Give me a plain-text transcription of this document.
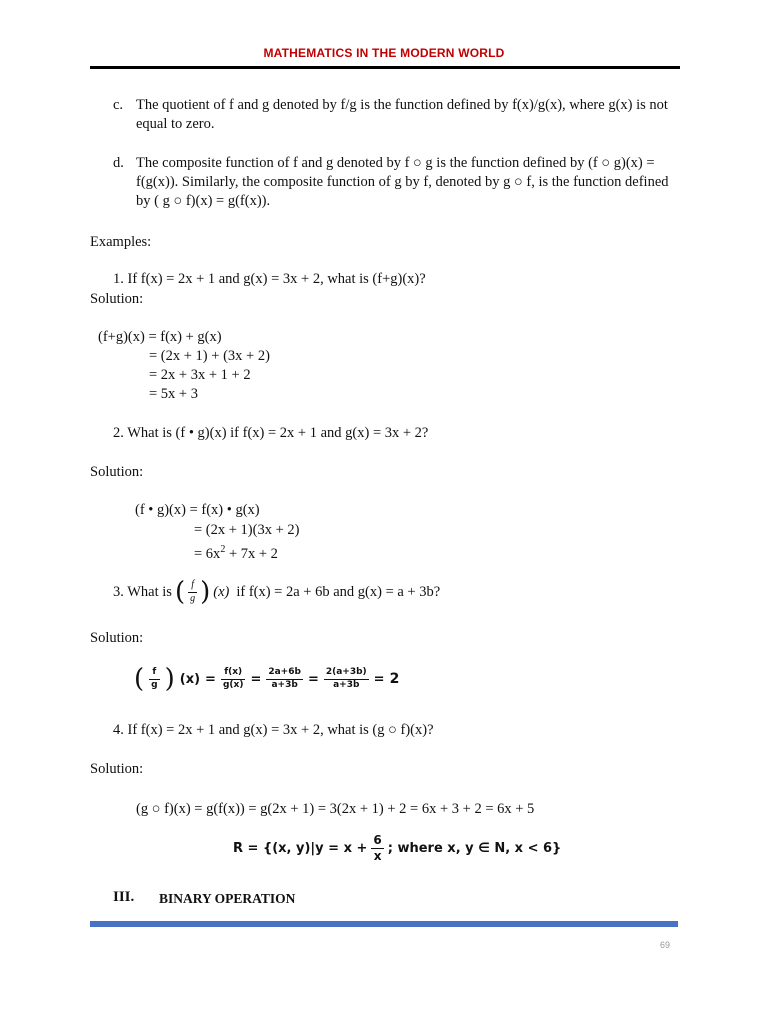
MATHEMATICS IN THE MODERN WORLD
c. The quotient of f and g denoted by f/g is the function defined by f(x)/g(x), where g(x) is not equal to zero.
d. The composite function of f and g denoted by f ○ g is the function defined by (f ○ g)(x) = f(g(x)). Similarly, the composite function of g by f, denoted by g ○ f, is the function defined by ( g ○ f)(x) = g(f(x)).
Examples:
1. If f(x) = 2x + 1 and g(x) = 3x + 2, what is (f+g)(x)?
Solution:
(f+g)(x) = f(x) + g(x)
= (2x + 1) + (3x + 2)
= 2x + 3x + 1 + 2
= 5x + 3
2. What is (f • g)(x) if f(x) = 2x + 1 and g(x) = 3x + 2?
Solution:
(f • g)(x) = f(x) • g(x)
= (2x + 1)(3x + 2)
= $6x^2 + 7x + 2$
3. What is ( $\frac{f}{g}$ ) (x) if f(x) = 2a + 6b and g(x) = a + 3b?
Solution:
( $\frac{f}{g}$ ) $(x) = \frac{f(x)}{g(x)} = \frac{2a+6b}{a+3b} = \frac{2(a+3b)}{a+3b} = 2$
4. If f(x) = 2x + 1 and g(x) = 3x + 2, what is (g ○ f)(x)?
Solution:
(g ○ f)(x) = g(f(x)) = g(2x + 1) = 3(2x + 1) + 2 = 6x + 3 + 2 = 6x + 5
R = {(x, $y)|y = x + \frac{6}{x}$ ; where x, y ∈ N, x < 6}
III. BINARY OPERATION
69
